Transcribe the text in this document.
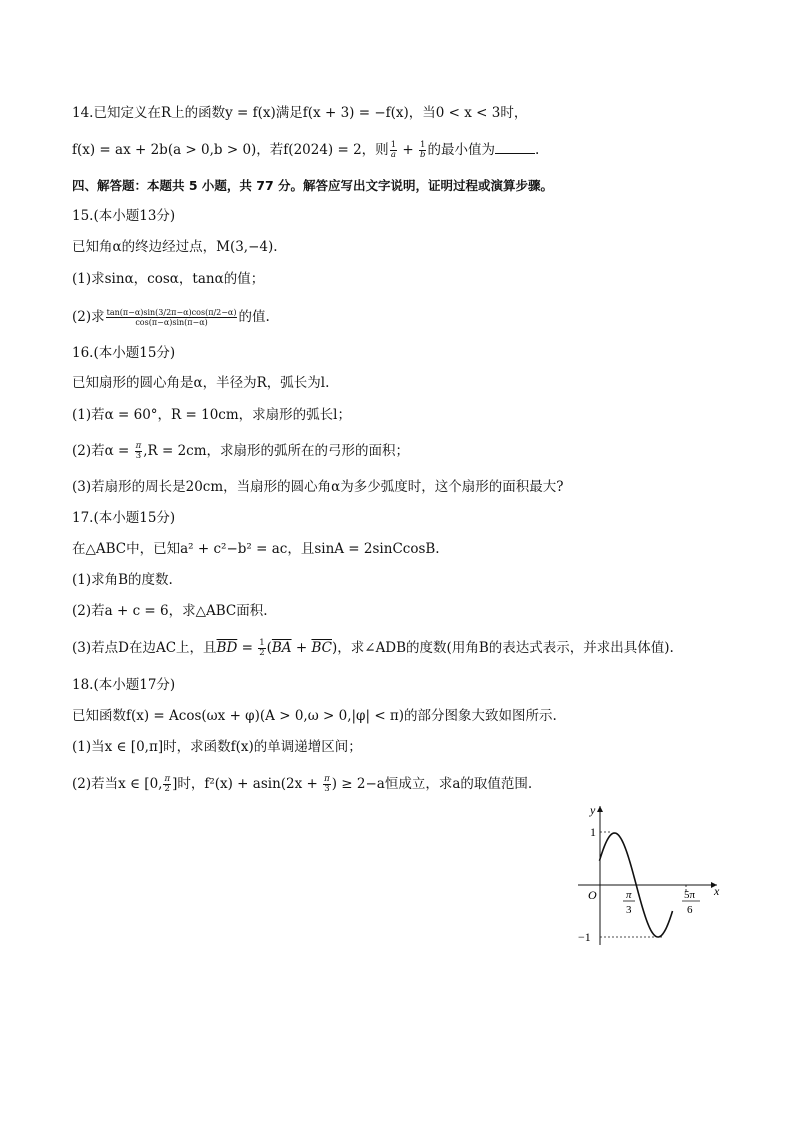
14.已知定义在R上的函数y = f(x)满足f(x + 3) = −f(x)，当0 < x < 3时，
f(x) = ax + 2b(a > 0,b > 0)，若f(2024) = 2，则 $\frac{1}{a} + \frac{1}{b}$ 的最小值为	.
四、解答题：本题共 5 小题，共 77 分。解答应写出文字说明，证明过程或演算步骤。
15.(本小题13分)
已知角α的终边经过点，M(3,−4).
(1)求sinα，cosα，tanα的值；
(2)求 $\frac{\tan(\pi-\alpha)\sin(3/2\pi-\alpha)\cos(\pi/2-\alpha)}{\cos(\pi-\alpha)\sin(\pi-\alpha)}$ 的值.
16.(本小题15分)
已知扇形的圆心角是α，半径为R，弧长为l.
(1)若α = 60°，R = 10cm，求扇形的弧长l；
(2)若$\alpha = \frac{\pi}{3} ,R = 2cm$，求扇形的弧所在的弓形的面积；
(3)若扇形的周长是20cm，当扇形的圆心角α为多少弧度时，这个扇形的面积最大?
17.(本小题15分)
在△ABC中，已知a² + c²−b² = ac，且sinA = 2sinCcosB.
(1)求角B的度数.
(2)若a + c = 6，求△ABC面积.
(3)若点D在边AC上，且$\overline{BD} = \frac{1}{2} (\overline{BA} + \overline{BC})$，求∠ADB的度数(用角B的表达式表示，并求出具体值).
18.(本小题17分)
已知函数f(x) = Acos(ωx + φ)(A > 0,ω > 0,|φ| < π)的部分图象大致如图所示.
(1)当x ∈ [0,π]时，求函数f(x)的单调递增区间；
(2)若当x ∈ [0, $\frac{\pi}{2}$ ]时，$f^2(x) + asin(2x + \frac{\pi}{3}$ ) ≥ 2−a恒成立，求a的取值范围.
y
x
O
1
−1
π
3
5π
6
